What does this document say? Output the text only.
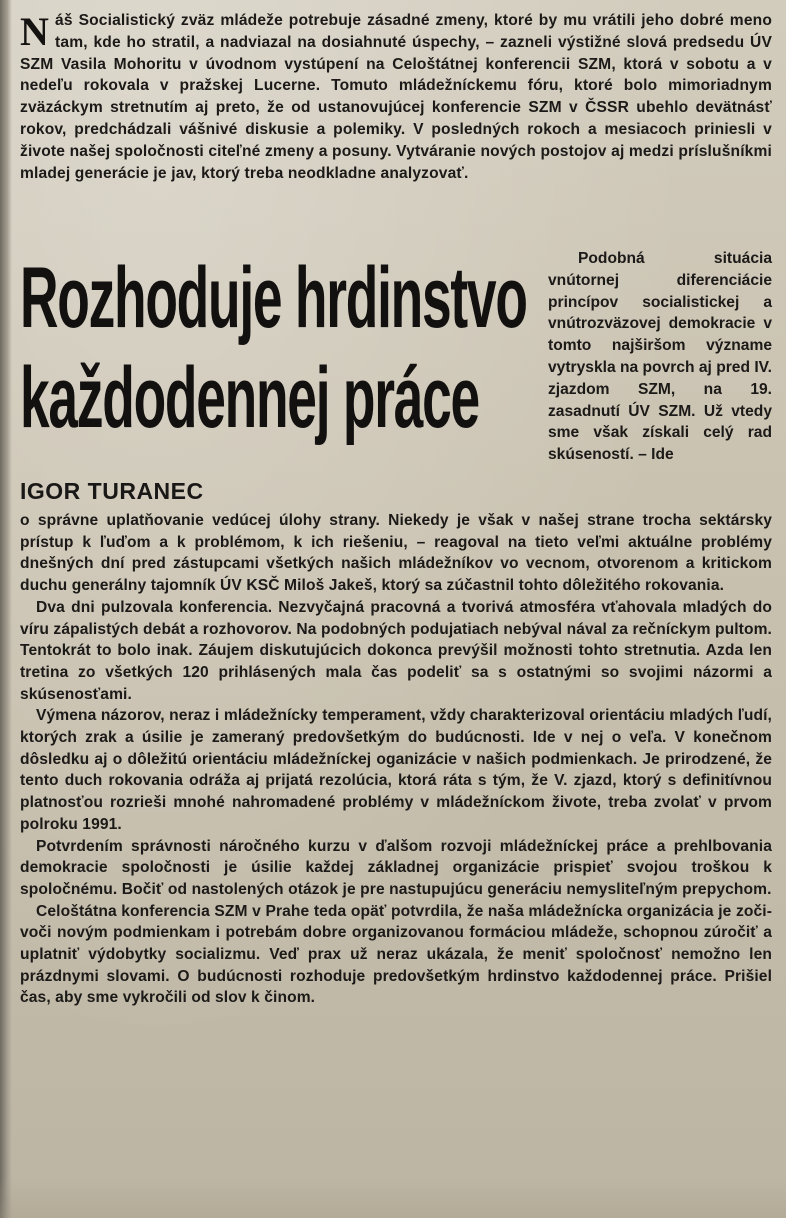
Náš Socialistický zväz mládeže potrebuje zásadné zmeny, ktoré by mu vrátili jeho dobré meno tam, kde ho stratil, a nadviazal na dosiahnuté úspechy, – zazneli výstižné slová predsedu ÚV SZM Vasila Mohoritu v úvodnom vystúpení na Celoštátnej konferencii SZM, ktorá v sobotu a v nedeľu rokovala v pražskej Lucerne. Tomuto mládežníckemu fóru, ktoré bolo mimoriadnym zväzáckym stretnutím aj preto, že od ustanovujúcej konferencie SZM v ČSSR ubehlo devätnásť rokov, predchádzali vášnivé diskusie a polemiky. V posledných rokoch a mesiacoch priniesli v živote našej spoločnosti citeľné zmeny a posuny. Vytváranie nových postojov aj medzi príslušníkmi mladej generácie je jav, ktorý treba neodkladne analyzovať.
Rozhoduje hrdinstvo
každodennej práce
IGOR TURANEC

Podobná situácia vnútornej diferenciácie princípov socialistickej a vnútrozväzovej demokracie v tomto najširšom význame vytryskla na povrch aj pred IV. zjazdom SZM, na 19. zasadnutí ÚV SZM. Už vtedy sme však získali celý rad skúseností. – Ide

o správne uplatňovanie vedúcej úlohy strany. Niekedy je však v našej strane trocha sektársky prístup k ľuďom a k problémom, k ich riešeniu, – reagoval na tieto veľmi aktuálne problémy dnešných dní pred zástupcami všetkých našich mládežníkov vo vecnom, otvorenom a kritickom duchu generálny tajomník ÚV KSČ Miloš Jakeš, ktorý sa zúčastnil tohto dôležitého rokovania.

Dva dni pulzovala konferencia. Nezvyčajná pracovná a tvorivá atmosféra vťahovala mladých do víru zápalistých debát a rozhovorov. Na podobných podujatiach nebýval nával za rečníckym pultom. Tentokrát to bolo inak. Záujem diskutujúcich dokonca prevýšil možnosti tohto stretnutia. Azda len tretina zo všetkých 120 prihlásených mala čas podeliť sa s ostatnými so svojimi názormi a skúsenosťami.

Výmena názorov, neraz i mládežnícky temperament, vždy charakterizoval orientáciu mladých ľudí, ktorých zrak a úsilie je zameraný predovšetkým do budúcnosti. Ide v nej o veľa. V konečnom dôsledku aj o dôležitú orientáciu mládežníckej oganizácie v našich podmienkach. Je prirodzené, že tento duch rokovania odráža aj prijatá rezolúcia, ktorá ráta s tým, že V. zjazd, ktorý s definitívnou platnosťou rozrieši mnohé nahromadené problémy v mládežníckom živote, treba zvolať v prvom polroku 1991.

Potvrdením správnosti náročného kurzu v ďalšom rozvoji mládežníckej práce a prehlbovania demokracie spoločnosti je úsilie každej základnej organizácie prispieť svojou troškou k spoločnému. Bočiť od nastolených otázok je pre nastupujúcu generáciu nemysliteľným prepychom.

Celoštátna konferencia SZM v Prahe teda opäť potvrdila, že naša mládežnícka organizácia je zoči-voči novým podmienkam i potrebám dobre organizovanou formáciou mládeže, schopnou zúročiť a uplatniť výdobytky socializmu. Veď prax už neraz ukázala, že meniť spoločnosť nemožno len prázdnymi slovami. O budúcnosti rozhoduje predovšetkým hrdinstvo každodennej práce. Prišiel čas, aby sme vykročili od slov k činom.
